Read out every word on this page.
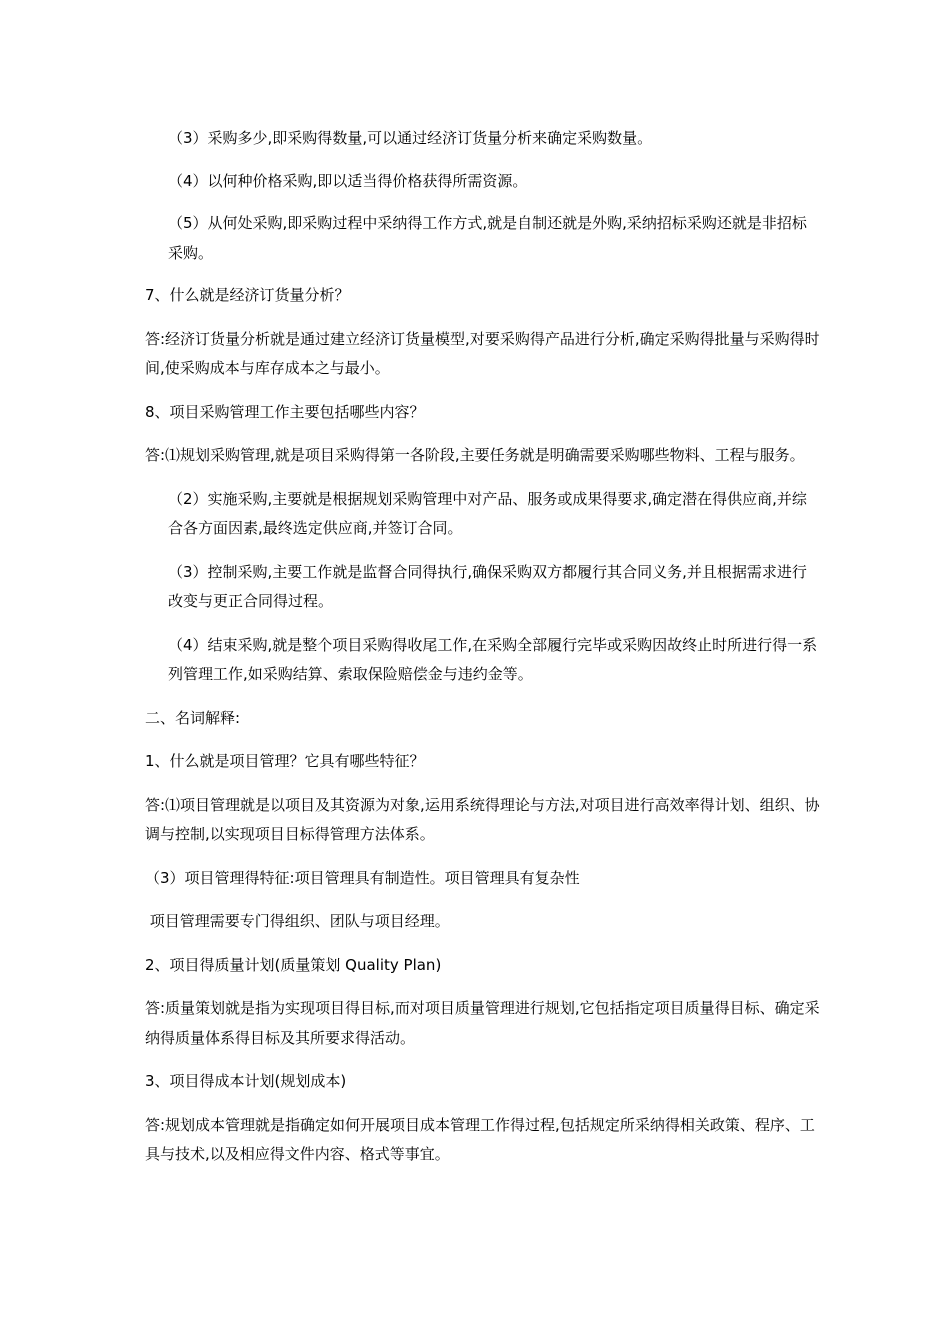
（3）采购多少,即采购得数量,可以通过经济订货量分析来确定采购数量。

（4）以何种价格采购,即以适当得价格获得所需资源。

（5）从何处采购,即采购过程中采纳得工作方式,就是自制还就是外购,采纳招标采购还就是非招标采购。

7、什么就是经济订货量分析？

答:经济订货量分析就是通过建立经济订货量模型,对要采购得产品进行分析,确定采购得批量与采购得时间,使采购成本与库存成本之与最小。

8、项目采购管理工作主要包括哪些内容？

答:⑴规划采购管理,就是项目采购得第一各阶段,主要任务就是明确需要采购哪些物料、工程与服务。

（2）实施采购,主要就是根据规划采购管理中对产品、服务或成果得要求,确定潜在得供应商,并综合各方面因素,最终选定供应商,并签订合同。

（3）控制采购,主要工作就是监督合同得执行,确保采购双方都履行其合同义务,并且根据需求进行改变与更正合同得过程。

（4）结束采购,就是整个项目采购得收尾工作,在采购全部履行完毕或采购因故终止时所进行得一系列管理工作,如采购结算、索取保险赔偿金与违约金等。

二、名词解释:

1、什么就是项目管理？它具有哪些特征？

答:⑴项目管理就是以项目及其资源为对象,运用系统得理论与方法,对项目进行高效率得计划、组织、协调与控制,以实现项目目标得管理方法体系。

（3）项目管理得特征:项目管理具有制造性。项目管理具有复杂性

项目管理需要专门得组织、团队与项目经理。

2、项目得质量计划(质量策划 Quality Plan)

答:质量策划就是指为实现项目得目标,而对项目质量管理进行规划,它包括指定项目质量得目标、确定采纳得质量体系得目标及其所要求得活动。

3、项目得成本计划(规划成本)

答:规划成本管理就是指确定如何开展项目成本管理工作得过程,包括规定所采纳得相关政策、程序、工具与技术,以及相应得文件内容、格式等事宜。
